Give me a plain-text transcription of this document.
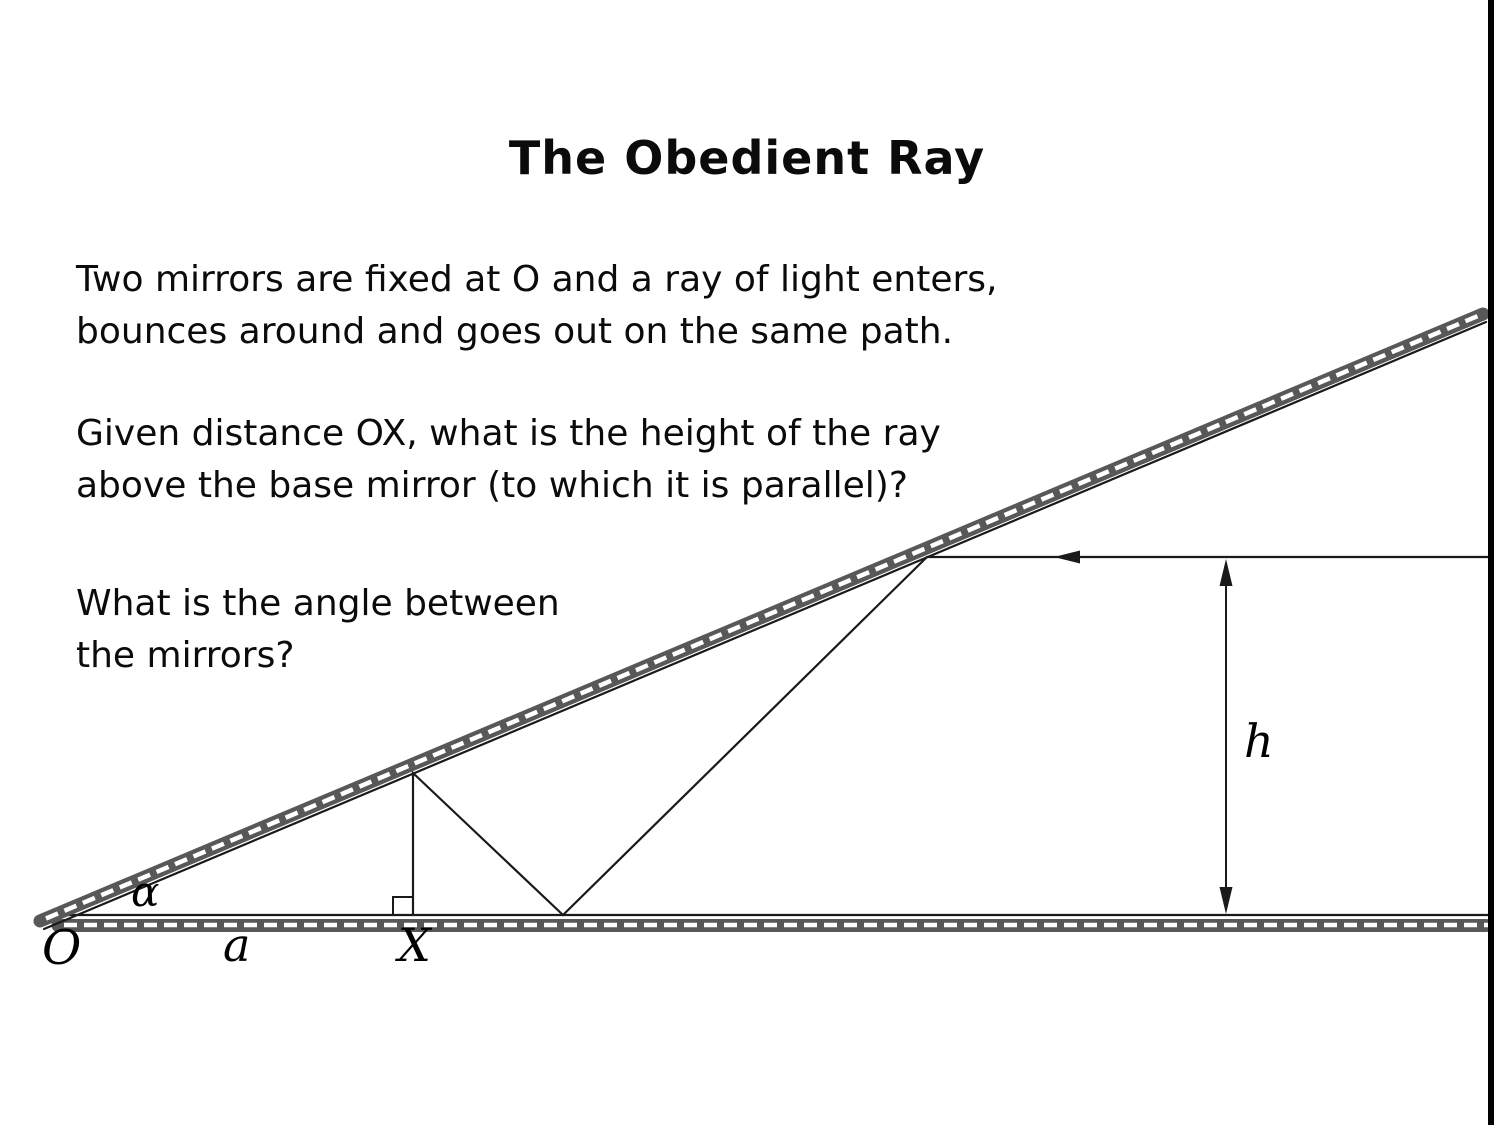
The Obedient Ray
Two mirrors are fixed at O and a ray of light enters,
bounces around and goes out on the same path.
Given distance OX, what is the height of the ray
above the base mirror (to which it is parallel)?
What is the angle between
the mirrors?
α
O	a	X
h
